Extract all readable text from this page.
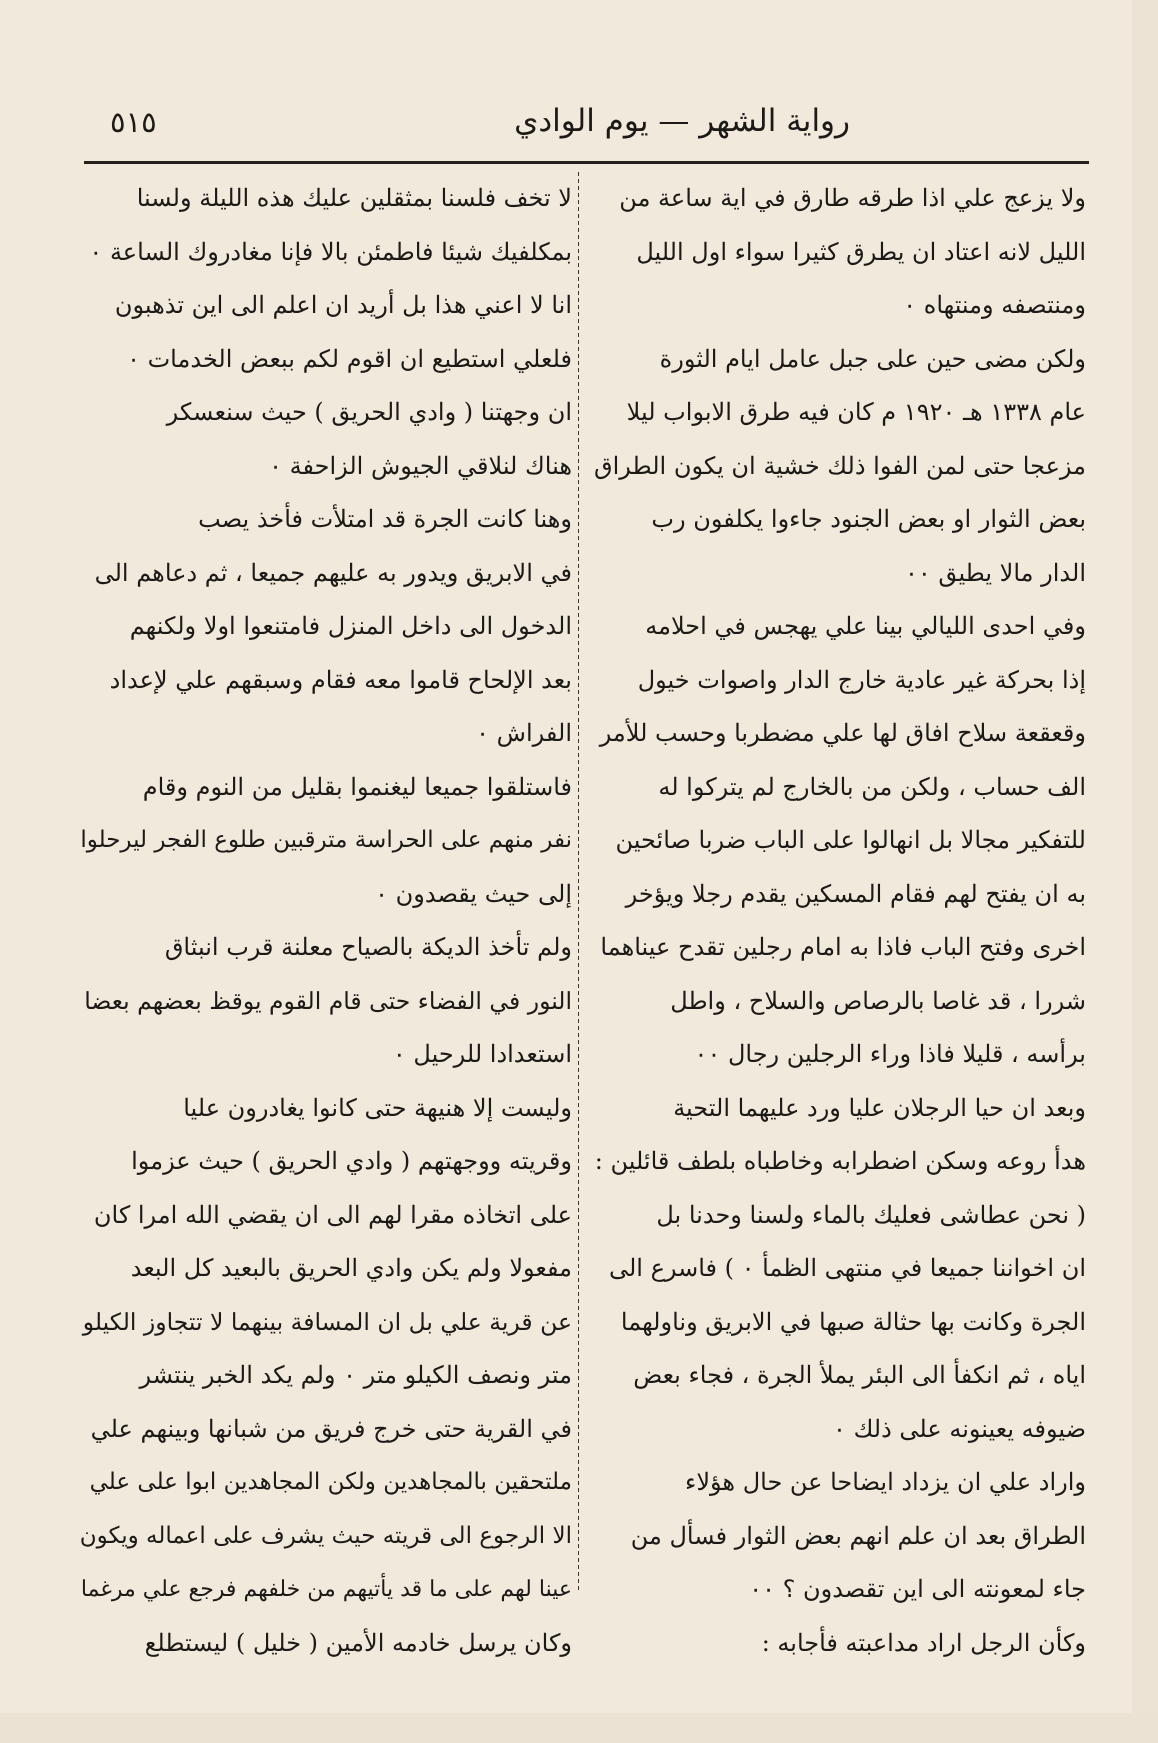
رواية الشهر — يوم الوادي
٥١٥
ولا يزعج علي اذا طرقه طارق في اية ساعة من
الليل لانه اعتاد ان يطرق كثيرا سواء اول الليل
ومنتصفه ومنتهاه ٠
ولكن مضى حين على جبل عامل ايام الثورة
عام ١٣٣٨ هـ ١٩٢٠ م كان فيه طرق الابواب ليلا
مزعجا حتى لمن الفوا ذلك خشية ان يكون الطراق
بعض الثوار او بعض الجنود جاءوا يكلفون رب
الدار مالا يطيق ٠٠
وفي احدى الليالي بينا علي يهجس في احلامه
إذا بحركة غير عادية خارج الدار واصوات خيول
وقعقعة سلاح افاق لها علي مضطربا وحسب للأمر
الف حساب ، ولكن من بالخارج لم يتركوا له
للتفكير مجالا بل انهالوا على الباب ضربا صائحين
به ان يفتح لهم فقام المسكين يقدم رجلا ويؤخر
اخرى وفتح الباب فاذا به امام رجلين تقدح عيناهما
شررا ، قد غاصا بالرصاص والسلاح ، واطل
برأسه ، قليلا فاذا وراء الرجلين رجال ٠٠
وبعد ان حيا الرجلان عليا ورد عليهما التحية
هدأ روعه وسكن اضطرابه وخاطباه بلطف قائلين :
( نحن عطاشى فعليك بالماء ولسنا وحدنا بل
ان اخواننا جميعا في منتهى الظمأ ٠ ) فاسرع الى
الجرة وكانت بها حثالة صبها في الابريق وناولهما
اياه ، ثم انكفأ الى البئر يملأ الجرة ، فجاء بعض
ضيوفه يعينونه على ذلك ٠
واراد علي ان يزداد ايضاحا عن حال هؤلاء
الطراق بعد ان علم انهم بعض الثوار فسأل من
جاء لمعونته الى اين تقصدون ؟ ٠٠
وكأن الرجل اراد مداعبته فأجابه :
لا تخف فلسنا بمثقلين عليك هذه الليلة ولسنا
بمكلفيك شيئا فاطمئن بالا فإنا مغادروك الساعة ٠
انا لا اعني هذا بل أريد ان اعلم الى اين تذهبون
فلعلي استطيع ان اقوم لكم ببعض الخدمات ٠
ان وجهتنا ( وادي الحريق ) حيث سنعسكر
هناك لنلاقي الجيوش الزاحفة ٠
وهنا كانت الجرة قد امتلأت فأخذ يصب
في الابريق ويدور به عليهم جميعا ، ثم دعاهم الى
الدخول الى داخل المنزل فامتنعوا اولا ولكنهم
بعد الإلحاح قاموا معه فقام وسبقهم علي لإعداد
الفراش ٠
فاستلقوا جميعا ليغنموا بقليل من النوم وقام
نفر منهم على الحراسة مترقبين طلوع الفجر ليرحلوا
إلى حيث يقصدون ٠
ولم تأخذ الديكة بالصياح معلنة قرب انبثاق
النور في الفضاء حتى قام القوم يوقظ بعضهم بعضا
استعدادا للرحيل ٠
وليست إلا هنيهة حتى كانوا يغادرون عليا
وقريته ووجهتهم ( وادي الحريق ) حيث عزموا
على اتخاذه مقرا لهم الى ان يقضي الله امرا كان
مفعولا ولم يكن وادي الحريق بالبعيد كل البعد
عن قرية علي بل ان المسافة بينهما لا تتجاوز الكيلو
متر ونصف الكيلو متر ٠ ولم يكد الخبر ينتشر
في القرية حتى خرج فريق من شبانها وبينهم علي
ملتحقين بالمجاهدين ولكن المجاهدين ابوا على علي
الا الرجوع الى قريته حيث يشرف على اعماله ويكون
عينا لهم على ما قد يأتيهم من خلفهم فرجع علي مرغما
وكان يرسل خادمه الأمين ( خليل ) ليستطلع
